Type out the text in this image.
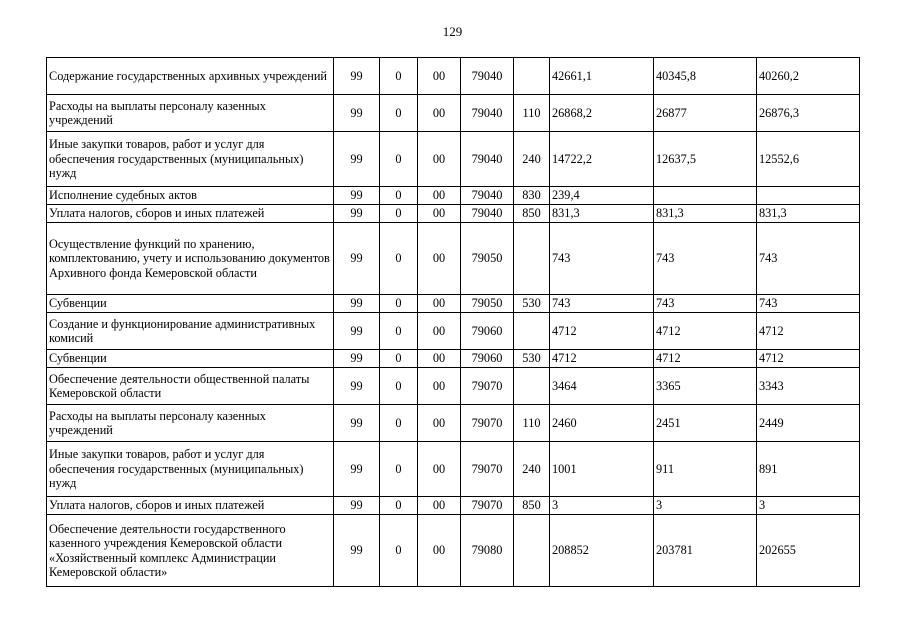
129
Содержание государственных архивных учреждений	99	0	00	79040		42661,1	40345,8	40260,2
Расходы на выплаты персоналу казенных учреждений	99	0	00	79040	110	26868,2	26877	26876,3
Иные закупки товаров, работ и услуг для обеспечения государственных (муниципальных) нужд	99	0	00	79040	240	14722,2	12637,5	12552,6
Исполнение судебных актов	99	0	00	79040	830	239,4		
Уплата налогов, сборов и иных платежей	99	0	00	79040	850	831,3	831,3	831,3
Осуществление функций по хранению, комплектованию, учету и использованию документов Архивного фонда Кемеровской области	99	0	00	79050		743	743	743
Субвенции	99	0	00	79050	530	743	743	743
Создание и функционирование административных комисий	99	0	00	79060		4712	4712	4712
Субвенции	99	0	00	79060	530	4712	4712	4712
Обеспечение деятельности общественной палаты Кемеровской области	99	0	00	79070		3464	3365	3343
Расходы на выплаты персоналу казенных учреждений	99	0	00	79070	110	2460	2451	2449
Иные закупки товаров, работ и услуг для обеспечения государственных (муниципальных) нужд	99	0	00	79070	240	1001	911	891
Уплата налогов, сборов и иных платежей	99	0	00	79070	850	3	3	3
Обеспечение деятельности государственного казенного учреждения Кемеровской области «Хозяйственный комплекс Администрации Кемеровской области»	99	0	00	79080		208852	203781	202655
